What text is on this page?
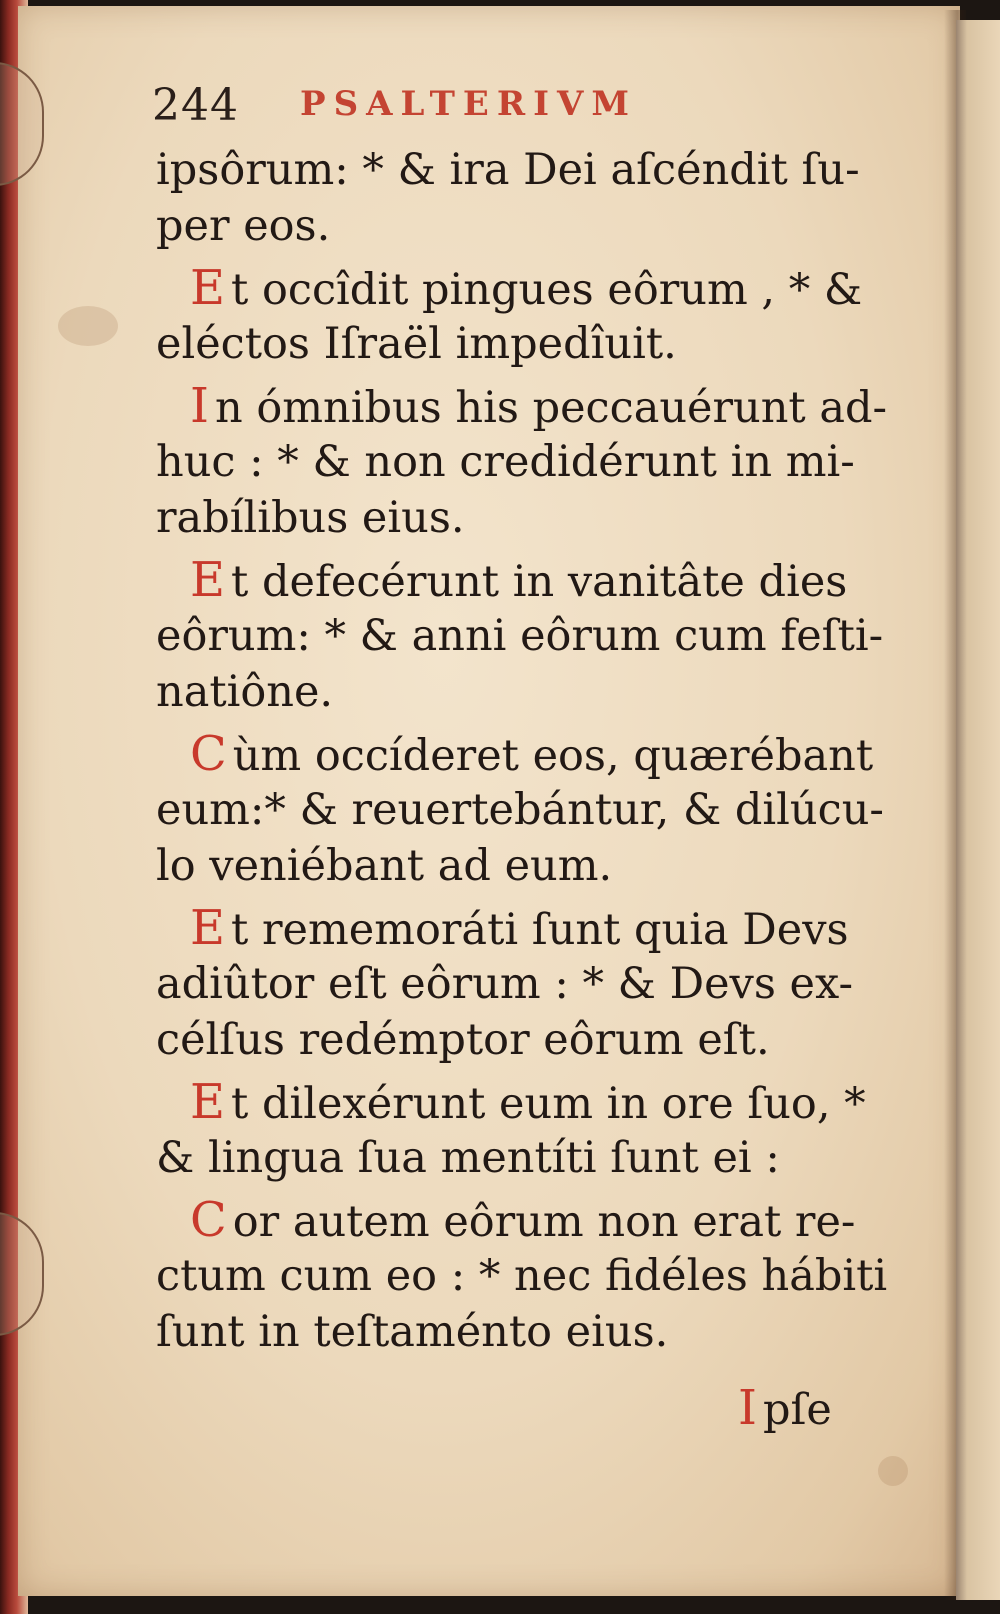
244 PSALTERIVM
ipsôrum: * & ira Dei aſcéndit ſu-
per eos.
E t occîdit pingues eôrum , * &
eléctos Iſraël impedîuit.
I n ómnibus his peccauérunt ad-
huc : * & non credidérunt in mi-
rabílibus eius.
E t defecérunt in vanitâte dies
eôrum: * & anni eôrum cum feſti-
natiône.
C ùm occíderet eos, quærébant
eum:* & reuertebántur, & dilúcu-
lo veniébant ad eum.
E t rememoráti ſunt quia Devs
adiûtor eſt eôrum : * & Devs ex-
célſus redémptor eôrum eſt.
E t dilexérunt eum in ore ſuo, *
& lingua ſua mentíti ſunt ei :
C or autem eôrum non erat re-
ctum cum eo : * nec fidéles hábiti
ſunt in teſtaménto eius.
I pſe
